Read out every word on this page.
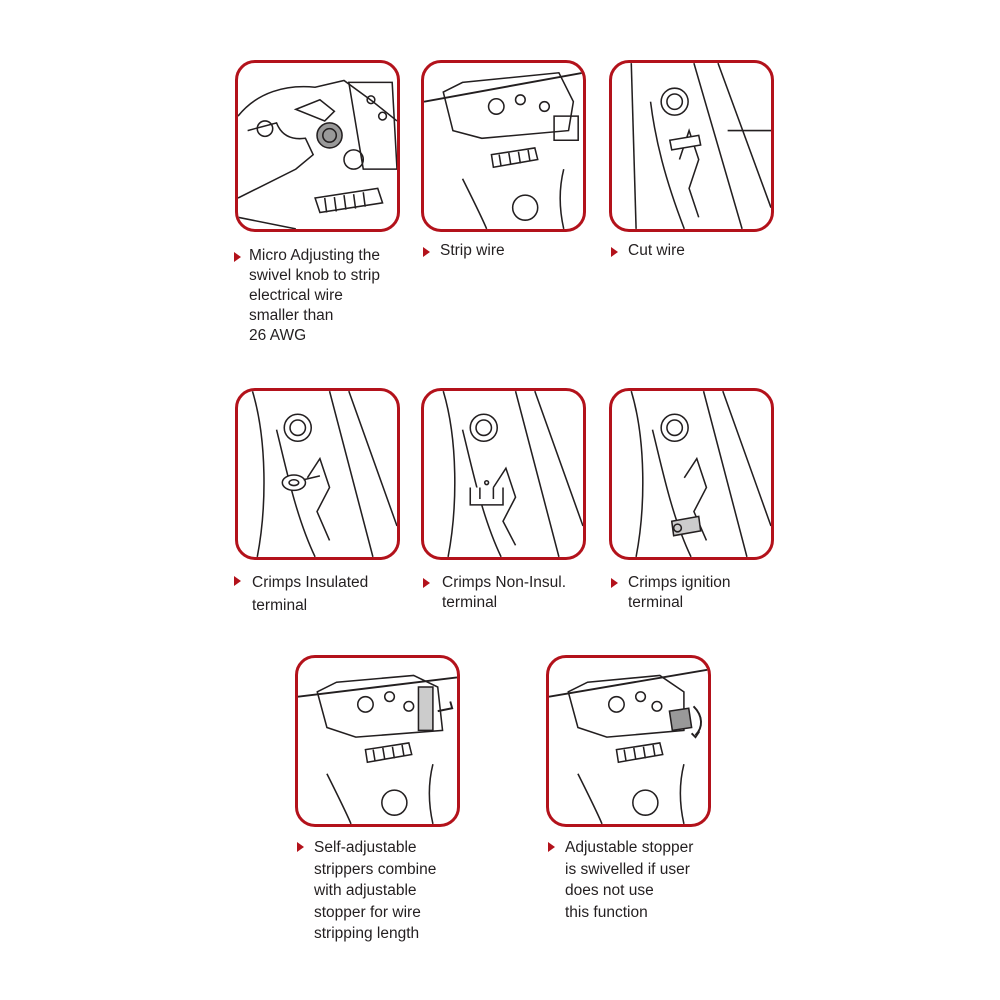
Micro Adjusting the
swivel knob to strip
electrical wire
smaller than
26 AWG
Strip wire	Cut wire
Crimps Insulated
terminal
Crimps Non-Insul.
terminal
Crimps ignition
terminal
Self-adjustable
strippers combine
with adjustable
stopper for wire
stripping length
Adjustable stopper
is swivelled if user
does not use
this function
